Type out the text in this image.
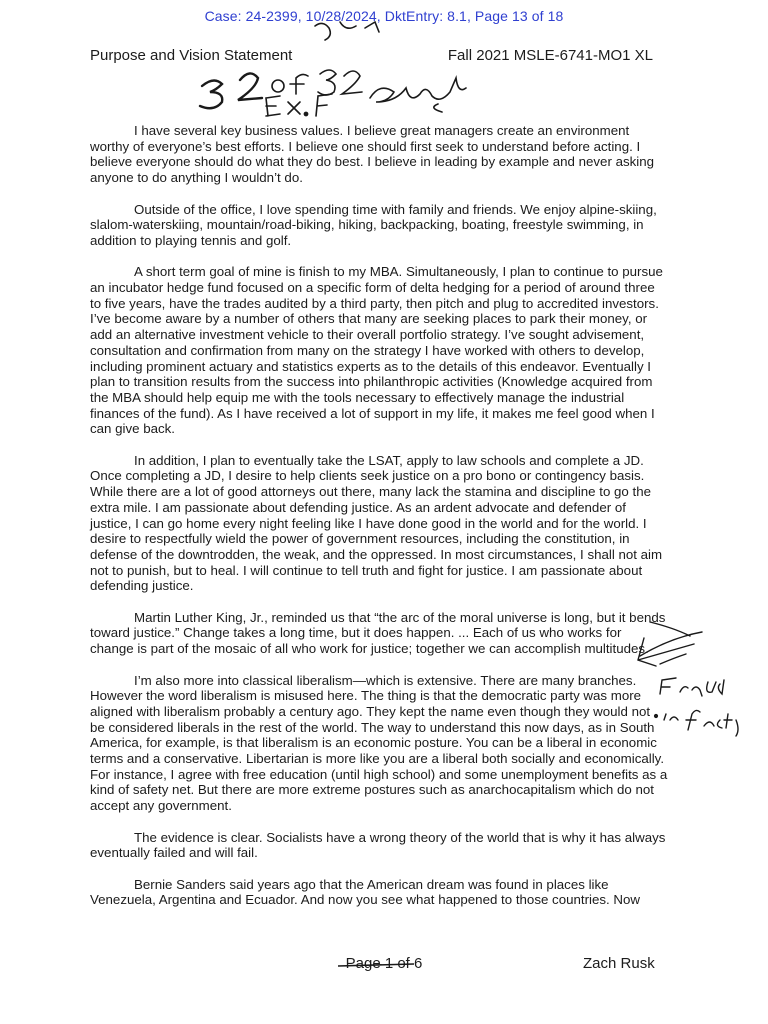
Case: 24-2399, 10/28/2024, DktEntry: 8.1, Page 13 of 18
Purpose and Vision Statement	Fall 2021 MSLE-6741-MO1 XL

I have several key business values. I believe great managers create an environment worthy of everyone’s best efforts. I believe one should first seek to understand before acting. I believe everyone should do what they do best. I believe in leading by example and never asking anyone to do anything I wouldn’t do.

Outside of the office, I love spending time with family and friends. We enjoy alpine-skiing, slalom-waterskiing, mountain/road-biking, hiking, backpacking, boating, freestyle swimming, in addition to playing tennis and golf.

A short term goal of mine is finish to my MBA. Simultaneously, I plan to continue to pursue an incubator hedge fund focused on a specific form of delta hedging for a period of around three to five years, have the trades audited by a third party, then pitch and plug to accredited investors. I’ve become aware by a number of others that many are seeking places to park their money, or add an alternative investment vehicle to their overall portfolio strategy. I’ve sought advisement, consultation and confirmation from many on the strategy I have worked with others to develop, including prominent actuary and statistics experts as to the details of this endeavor. Eventually I plan to transition results from the success into philanthropic activities (Knowledge acquired from the MBA should help equip me with the tools necessary to effectively manage the industrial finances of the fund). As I have received a lot of support in my life, it makes me feel good when I can give back.

In addition, I plan to eventually take the LSAT, apply to law schools and complete a JD. Once completing a JD, I desire to help clients seek justice on a pro bono or contingency basis. While there are a lot of good attorneys out there, many lack the stamina and discipline to go the extra mile. I am passionate about defending justice. As an ardent advocate and defender of justice, I can go home every night feeling like I have done good in the world and for the world. I desire to respectfully wield the power of government resources, including the constitution, in defense of the downtrodden, the weak, and the oppressed. In most circumstances, I shall not aim not to punish, but to heal. I will continue to tell truth and fight for justice. I am passionate about defending justice.

Martin Luther King, Jr., reminded us that “the arc of the moral universe is long, but it bends toward justice.” Change takes a long time, but it does happen. ... Each of us who works for change is part of the mosaic of all who work for justice; together we can accomplish multitudes.

I’m also more into classical liberalism—which is extensive. There are many branches. However the word liberalism is misused here. The thing is that the democratic party was more aligned with liberalism probably a century ago. They kept the name even though they would not be considered liberals in the rest of the world. The way to understand this now days, as in South America, for example, is that liberalism is an economic posture. You can be a liberal in economic terms and a conservative. Libertarian is more like you are a liberal both socially and economically. For instance, I agree with free education (until high school) and some unemployment benefits as a kind of safety net. But there are more extreme postures such as anarchocapitalism which do not accept any government.

The evidence is clear. Socialists have a wrong theory of the world that is why it has always eventually failed and will fail.

Bernie Sanders said years ago that the American dream was found in places like Venezuela, Argentina and Ecuador. And now you see what happened to those countries. Now

Page 1 of 6	Zach Rusk
